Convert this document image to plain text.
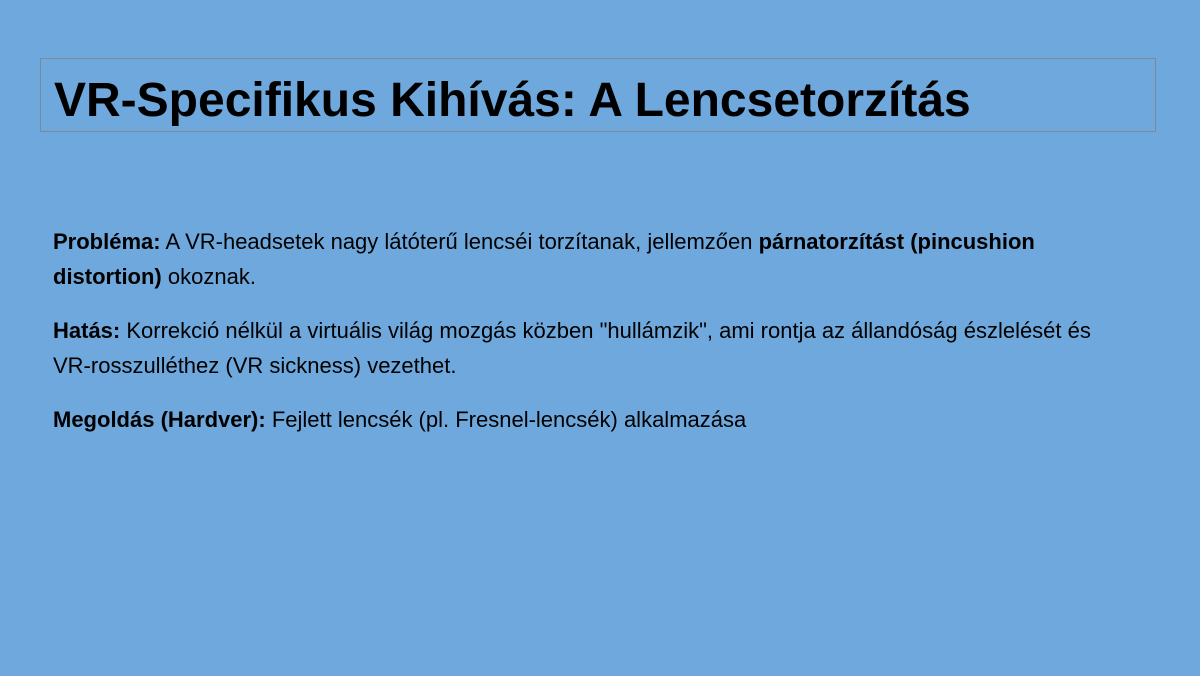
VR-Specifikus Kihívás: A Lencsetorzítás

Probléma: A VR-headsetek nagy látóterű lencséi torzítanak, jellemzően párnatorzítást (pincushion distortion) okoznak.

Hatás: Korrekció nélkül a virtuális világ mozgás közben "hullámzik", ami rontja az állandóság észlelését és VR-rosszulléthez (VR sickness) vezethet.

Megoldás (Hardver): Fejlett lencsék (pl. Fresnel-lencsék) alkalmazása
